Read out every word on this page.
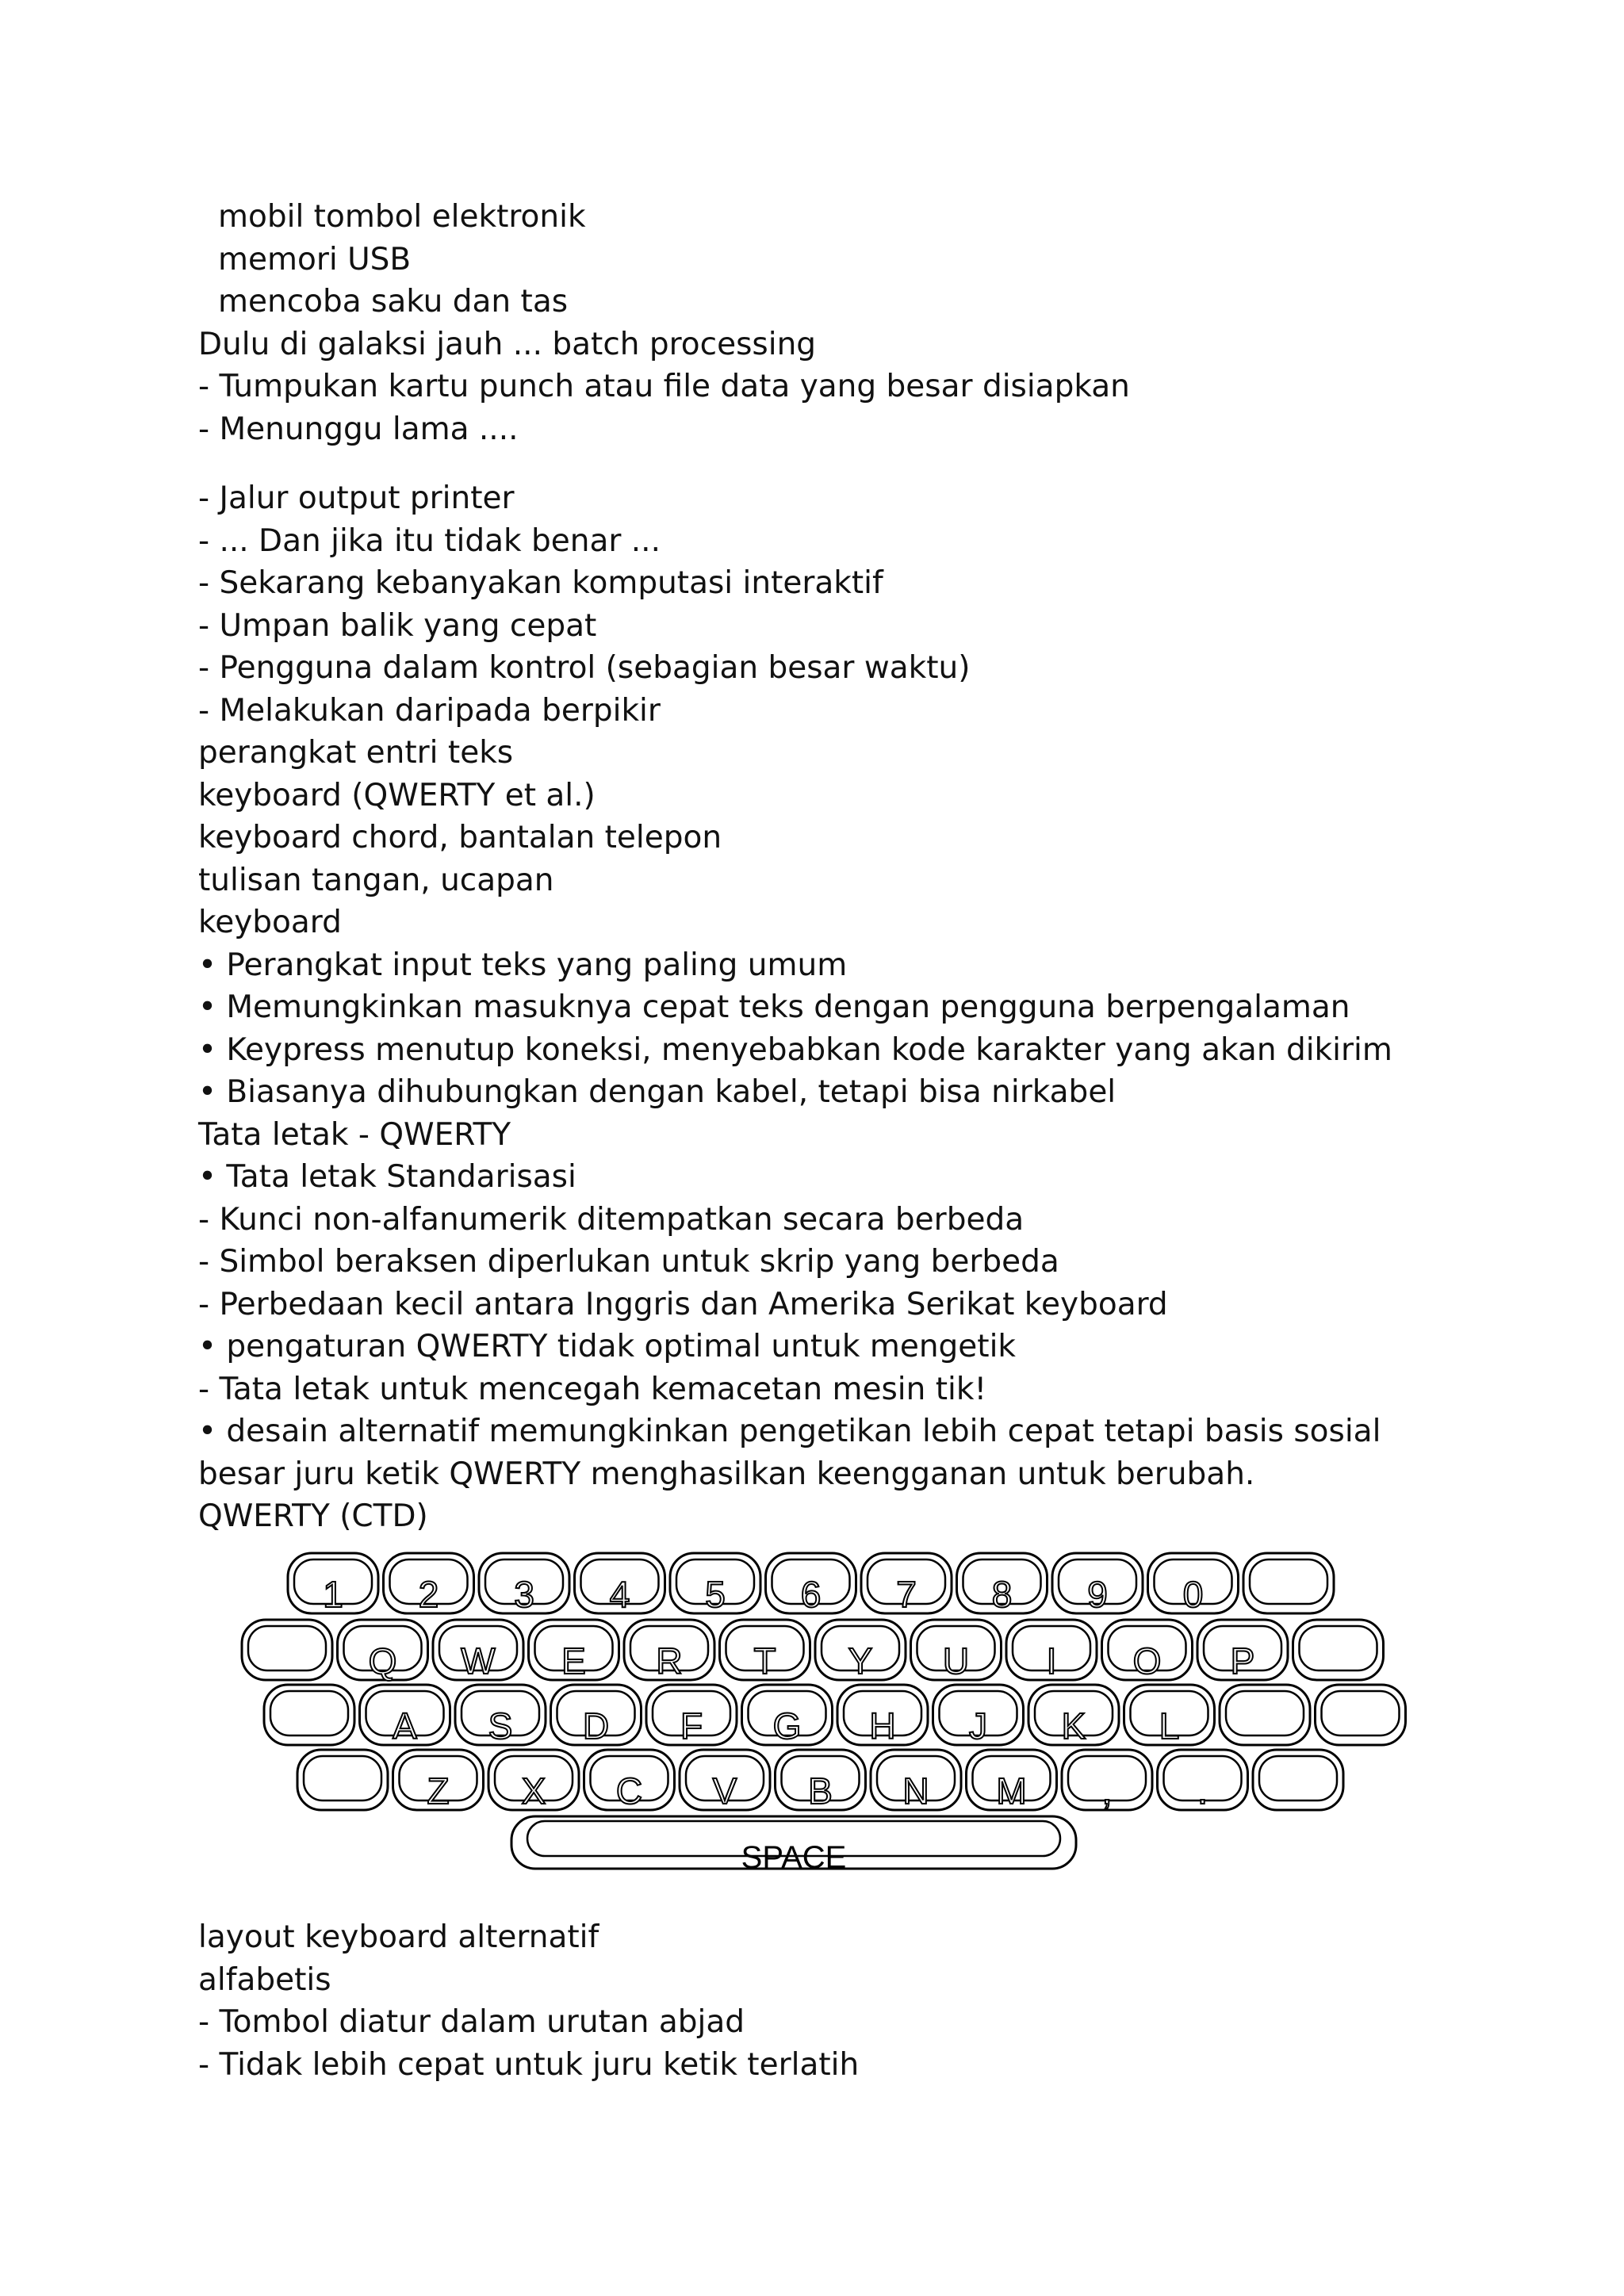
mobil tombol elektronik
memori USB
mencoba saku dan tas
Dulu di galaksi jauh ... batch processing
- Tumpukan kartu punch atau file data yang besar disiapkan
- Menunggu lama ....
- Jalur output printer
- ... Dan jika itu tidak benar ...
- Sekarang kebanyakan komputasi interaktif
- Umpan balik yang cepat
- Pengguna dalam kontrol (sebagian besar waktu)
- Melakukan daripada berpikir
perangkat entri teks
keyboard (QWERTY et al.)
keyboard chord, bantalan telepon
tulisan tangan, ucapan
keyboard
• Perangkat input teks yang paling umum
• Memungkinkan masuknya cepat teks dengan pengguna berpengalaman
• Keypress menutup koneksi, menyebabkan kode karakter yang akan dikirim
• Biasanya dihubungkan dengan kabel, tetapi bisa nirkabel
Tata letak - QWERTY
• Tata letak Standarisasi
- Kunci non-alfanumerik ditempatkan secara berbeda
- Simbol beraksen diperlukan untuk skrip yang berbeda
- Perbedaan kecil antara Inggris dan Amerika Serikat keyboard
• pengaturan QWERTY tidak optimal untuk mengetik
- Tata letak untuk mencegah kemacetan mesin tik!
• desain alternatif memungkinkan pengetikan lebih cepat tetapi basis sosial
besar juru ketik QWERTY menghasilkan keengganan untuk berubah.
QWERTY (CTD)
1 2 3 4 5 6 7 8 9 0
Q W E R T Y U I O P
A S D F G H J K L
Z X C V B N M , .
SPACE
layout keyboard alternatif
alfabetis
- Tombol diatur dalam urutan abjad
- Tidak lebih cepat untuk juru ketik terlatih
